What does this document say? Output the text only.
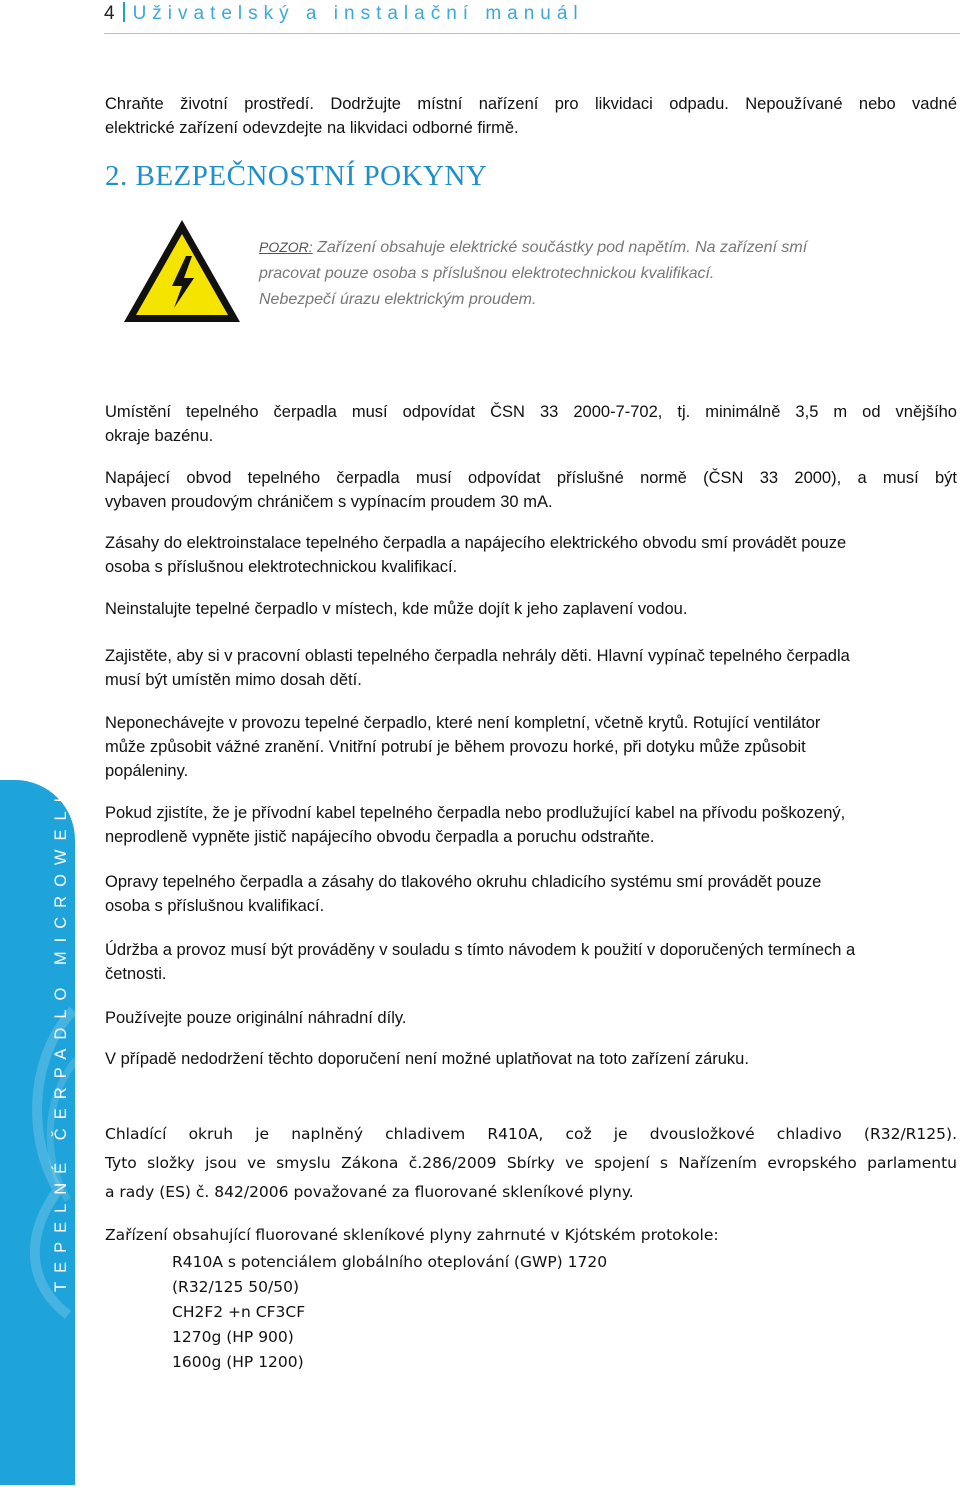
4 Uživatelský a instalační manuál

Chraňte životní prostředí. Dodržujte místní nařízení pro likvidaci odpadu. Nepoužívané nebo vadné

elektrické zařízení odevzdejte na likvidaci odborné firmě.

2. BEZPEČNOSTNÍ POKYNY
POZOR: Zařízení obsahuje elektrické součástky pod napětím. Na zařízení smí
pracovat pouze osoba s příslušnou elektrotechnickou kvalifikací.
Nebezpečí úrazu elektrickým proudem.

Umístění tepelného čerpadla musí odpovídat ČSN 33 2000-7-702, tj. minimálně 3,5 m od vnějšího

okraje bazénu.

Napájecí obvod tepelného čerpadla musí odpovídat příslušné normě (ČSN 33 2000), a musí být

vybaven proudovým chráničem s vypínacím proudem 30 mA.

Zásahy do elektroinstalace tepelného čerpadla a napájecího elektrického obvodu smí provádět pouze

osoba s příslušnou elektrotechnickou kvalifikací.

Neinstalujte tepelné čerpadlo v místech, kde může dojít k jeho zaplavení vodou.

Zajistěte, aby si v pracovní oblasti tepelného čerpadla nehrály děti. Hlavní vypínač tepelného čerpadla

musí být umístěn mimo dosah dětí.

Neponechávejte v provozu tepelné čerpadlo, které není kompletní, včetně krytů. Rotující ventilátor

může způsobit vážné zranění. Vnitřní potrubí je během provozu horké, při dotyku může způsobit

popáleniny.

Pokud zjistíte, že je přívodní kabel tepelného čerpadla nebo prodlužující kabel na přívodu poškozený,

neprodleně vypněte jistič napájecího obvodu čerpadla a poruchu odstraňte.

Opravy tepelného čerpadla a zásahy do tlakového okruhu chladicího systému smí provádět pouze

osoba s příslušnou kvalifikací.

Údržba a provoz musí být prováděny v souladu s tímto návodem k použití v doporučených termínech a

četnosti.

Používejte pouze originální náhradní díly.

V případě nedodržení těchto doporučení není možné uplatňovat na toto zařízení záruku.

Chladící okruh je naplněný chladivem R410A, což je dvousložkové chladivo (R32/R125).

Tyto složky jsou ve smyslu Zákona č.286/2009 Sbírky ve spojení s Nařízením evropského parlamentu

a rady (ES) č. 842/2006 považované za fluorované skleníkové plyny.

Zařízení obsahující fluorované skleníkové plyny zahrnuté v Kjótském protokole:

R410A s potenciálem globálního oteplování (GWP) 1720

(R32/125 50/50)

CH2F2 +n CF3CF

1270g (HP 900)

1600g (HP 1200)

TEPELNÉ ČERPADLO MICROWELL HP
